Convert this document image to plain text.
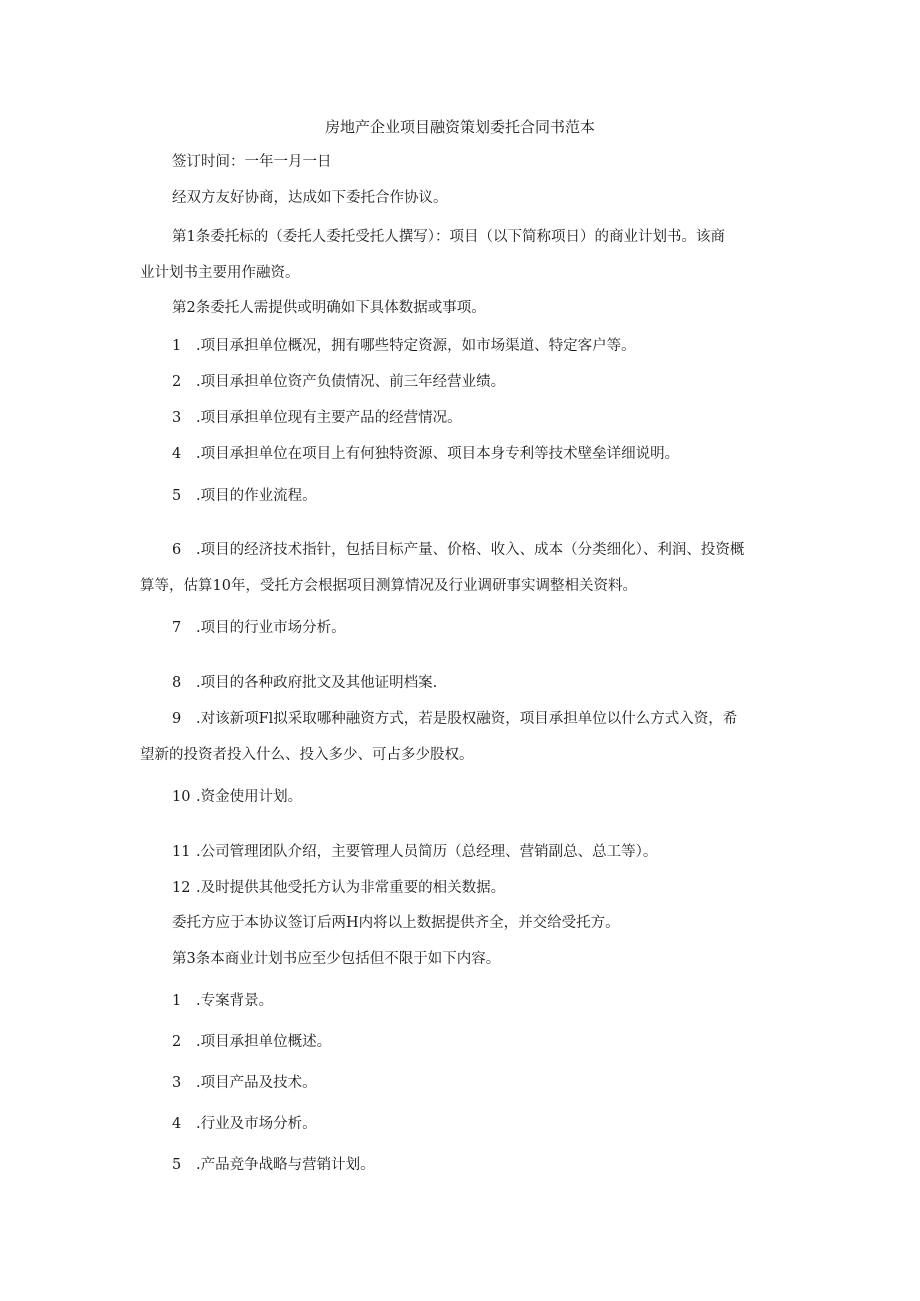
房地产企业项目融资策划委托合同书范本
签订时间：一年一月一日
经双方友好协商，达成如下委托合作协议。
第1条委托标的（委托人委托受托人撰写）：项目（以下简称项日）的商业计划书。该商
业计划书主要用作融资。
第2条委托人需提供或明确如下具体数据或事项。
1 .项目承担单位概况，拥有哪些特定资源，如市场渠道、特定客户等。
2 .项目承担单位资产负债情况、前三年经营业绩。
3 .项目承担单位现有主要产品的经营情况。
4 .项目承担单位在项目上有何独特资源、项目本身专利等技术壁垒详细说明。
5 .项目的作业流程。
6 .项目的经济技术指针，包括目标产量、价格、收入、成本（分类细化）、利润、投资概
算等，估算10年，受托方会根据项目测算情况及行业调研事实调整相关资料。
7 .项目的行业市场分析。
8 .项目的各种政府批文及其他证明档案.
9 .对该新项Fl拟采取哪种融资方式，若是股权融资，项目承担单位以什么方式入资，希
望新的投资者投入什么、投入多少、可占多少股权。
10 .资金使用计划。
11 .公司管理团队介绍，主要管理人员简历（总经理、营销副总、总工等）。
12 .及时提供其他受托方认为非常重要的相关数据。
委托方应于本协议签订后两H内将以上数据提供齐全，并交给受托方。
第3条本商业计划书应至少包括但不限于如下内容。
1 .专案背景。
2 .项目承担单位概述。
3 .项目产品及技术。
4 .行业及市场分析。
5 .产品竞争战略与营销计划。
